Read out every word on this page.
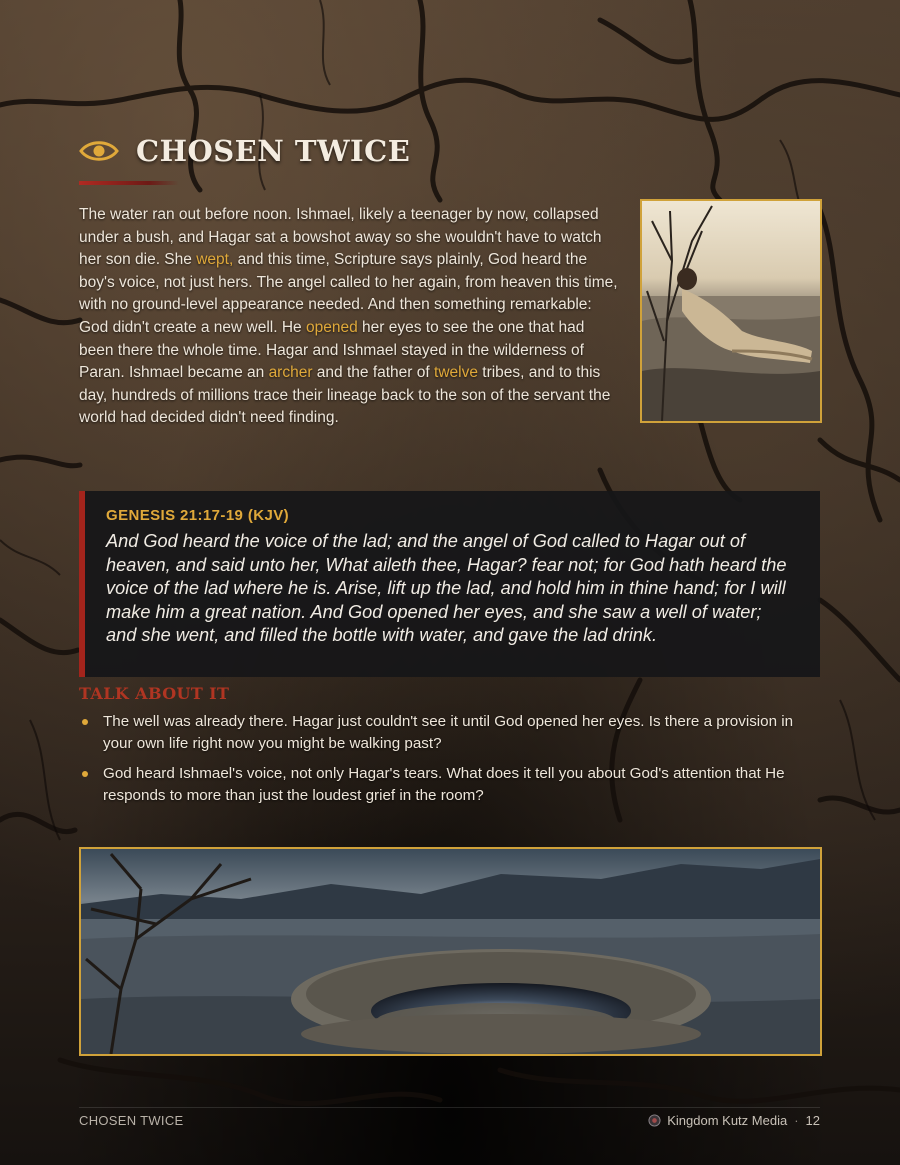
CHOSEN TWICE
The water ran out before noon. Ishmael, likely a teenager by now, collapsed under a bush, and Hagar sat a bowshot away so she wouldn't have to watch her son die. She wept, and this time, Scripture says plainly, God heard the boy's voice, not just hers. The angel called to her again, from heaven this time, with no ground-level appearance needed. And then something remarkable: God didn't create a new well. He opened her eyes to see the one that had been there the whole time. Hagar and Ishmael stayed in the wilderness of Paran. Ishmael became an archer and the father of twelve tribes, and to this day, hundreds of millions trace their lineage back to the son of the servant the world had decided didn't need finding.
GENESIS 21:17-19 (KJV)
And God heard the voice of the lad; and the angel of God called to Hagar out of heaven, and said unto her, What aileth thee, Hagar? fear not; for God hath heard the voice of the lad where he is. Arise, lift up the lad, and hold him in thine hand; for I will make him a great nation. And God opened her eyes, and she saw a well of water; and she went, and filled the bottle with water, and gave the lad drink.
TALK ABOUT IT
The well was already there. Hagar just couldn't see it until God opened her eyes. Is there a provision in your own life right now you might be walking past?
God heard Ishmael's voice, not only Hagar's tears. What does it tell you about God's attention that He responds to more than just the loudest grief in the room?
CHOSEN TWICE	Kingdom Kutz Media · 12
